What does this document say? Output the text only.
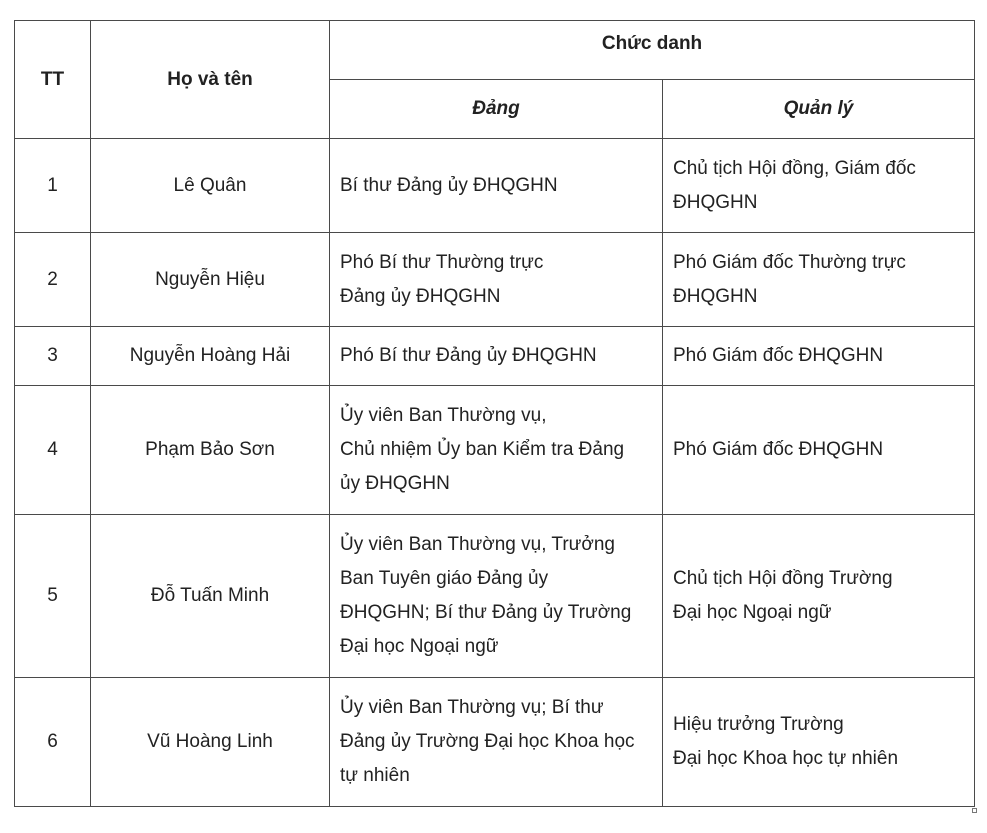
TT	Họ và tên	Chức danh	
		Đảng	Quản lý
1	Lê Quân	Bí thư Đảng ủy ĐHQGHN	Chủ tịch Hội đồng, Giám đốc
ĐHQGHN

2	Nguyễn Hiệu	Phó Bí thư Thường trực
Đảng ủy ĐHQGHN	Phó Giám đốc Thường trực
ĐHQGHN

3	Nguyễn Hoàng Hải	Phó Bí thư Đảng ủy ĐHQGHN	Phó Giám đốc ĐHQGHN

4	Phạm Bảo Sơn	Ủy viên Ban Thường vụ,
Chủ nhiệm Ủy ban Kiểm tra Đảng
ủy ĐHQGHN	Phó Giám đốc ĐHQGHN

5	Đỗ Tuấn Minh	Ủy viên Ban Thường vụ, Trưởng
Ban Tuyên giáo Đảng ủy
ĐHQGHN; Bí thư Đảng ủy Trường
Đại học Ngoại ngữ	Chủ tịch Hội đồng Trường
Đại học Ngoại ngữ

6	Vũ Hoàng Linh	Ủy viên Ban Thường vụ; Bí thư
Đảng ủy Trường Đại học Khoa học
tự nhiên	Hiệu trưởng Trường
Đại học Khoa học tự nhiên
